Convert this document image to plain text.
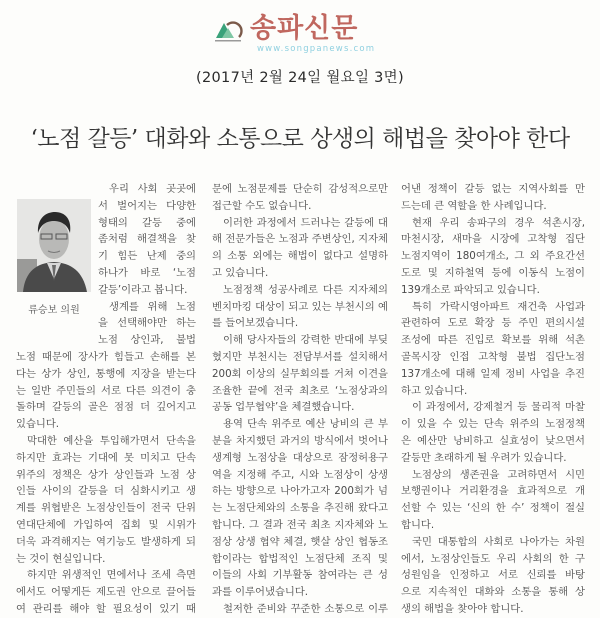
송파신문
www.songpanews.com
(2017년 2월 24일 월요일 3면)
‘노점 갈등’ 대화와 소통으로 상생의 해법을 찾아야 한다
류승보 의원
우리 사회 곳곳에
서 벌어지는 다양한
형태의 갈등 중에
좀처럼 해결책을 찾
기 힘든 난제 중의
하나가 바로 ‘노점
갈등’이라고 봅니다.
생계를 위해 노점
을 선택해야만 하는
노점 상인과, 불법
노점 때문에 장사가 힘들고 손해를 본
다는 상가 상인, 통행에 지장을 받는다
는 일반 주민들의 서로 다른 의견이 충
돌하며 갈등의 골은 점점 더 깊어지고
있습니다.
막대한 예산을 투입해가면서 단속을
하지만 효과는 기대에 못 미치고 단속
위주의 정책은 상가 상인들과 노점 상
인들 사이의 갈등을 더 심화시키고 생
계를 위협받은 노점상인들이 전국 단위
연대단체에 가입하여 집회 및 시위가
더욱 과격해지는 역기능도 발생하게 되
는 것이 현실입니다.
하지만 위생적인 면에서나 조세 측면
에서도 어떻게든 제도권 안으로 끌어들
여 관리를 해야 할 필요성이 있기 때
문에 노점문제를 단순히 감성적으로만
접근할 수도 없습니다.
이러한 과정에서 드러나는 갈등에 대
해 전문가들은 노점과 주변상인, 지자체
의 소통 외에는 해법이 없다고 설명하
고 있습니다.
노점정책 성공사례로 다른 지자체의
벤치마킹 대상이 되고 있는 부천시의 예
를 들어보겠습니다.
이해 당사자들의 강력한 반대에 부딪
혔지만 부천시는 전담부서를 설치해서
200회 이상의 실무회의를 거쳐 이견을
조율한 끝에 전국 최초로 ‘노점상과의
공동 업무협약’을 체결했습니다.
용역 단속 위주로 예산 낭비의 큰 부
분을 차지했던 과거의 방식에서 벗어나
생계형 노점상을 대상으로 잠정허용구
역을 지정해 주고, 시와 노점상이 상생
하는 방향으로 나아가고자 200회가 넘
는 노점단체와의 소통을 추진해 왔다고
합니다. 그 결과 전국 최초 지자체와 노
점상 상생 협약 체결, 햇살 상인 협동조
합이라는 합법적인 노점단체 조직 및
이들의 사회 기부활동 참여라는 큰 성
과를 이루어냈습니다.
철저한 준비와 꾸준한 소통으로 이루
어낸 정책이 갈등 없는 지역사회를 만
드는데 큰 역할을 한 사례입니다.
현재 우리 송파구의 경우 석촌시장,
마천시장, 새마을 시장에 고착형 집단
노점지역이 180여개소, 그 외 주요간선
도로 및 지하철역 등에 이동식 노점이
139개소로 파악되고 있습니다.
특히 가락시영아파트 재건축 사업과
관련하여 도로 확장 등 주민 편의시설
조성에 따른 진입로 확보를 위해 석촌
골목시장 인접 고착형 불법 집단노점
137개소에 대해 일제 정비 사업을 추진
하고 있습니다.
이 과정에서, 강제철거 등 물리적 마찰
이 있을 수 있는 단속 위주의 노점정책
은 예산만 낭비하고 실효성이 낮으면서
갈등만 초래하게 될 우려가 있습니다.
노점상의 생존권을 고려하면서 시민
보행권이나 거리환경을 효과적으로 개
선할 수 있는 ‘신의 한 수’ 정책이 절실
합니다.
국민 대통합의 사회로 나아가는 차원
에서, 노점상인들도 우리 사회의 한 구
성원임을 인정하고 서로 신뢰를 바탕
으로 지속적인 대화와 소통을 통해 상
생의 해법을 찾아야 합니다.
